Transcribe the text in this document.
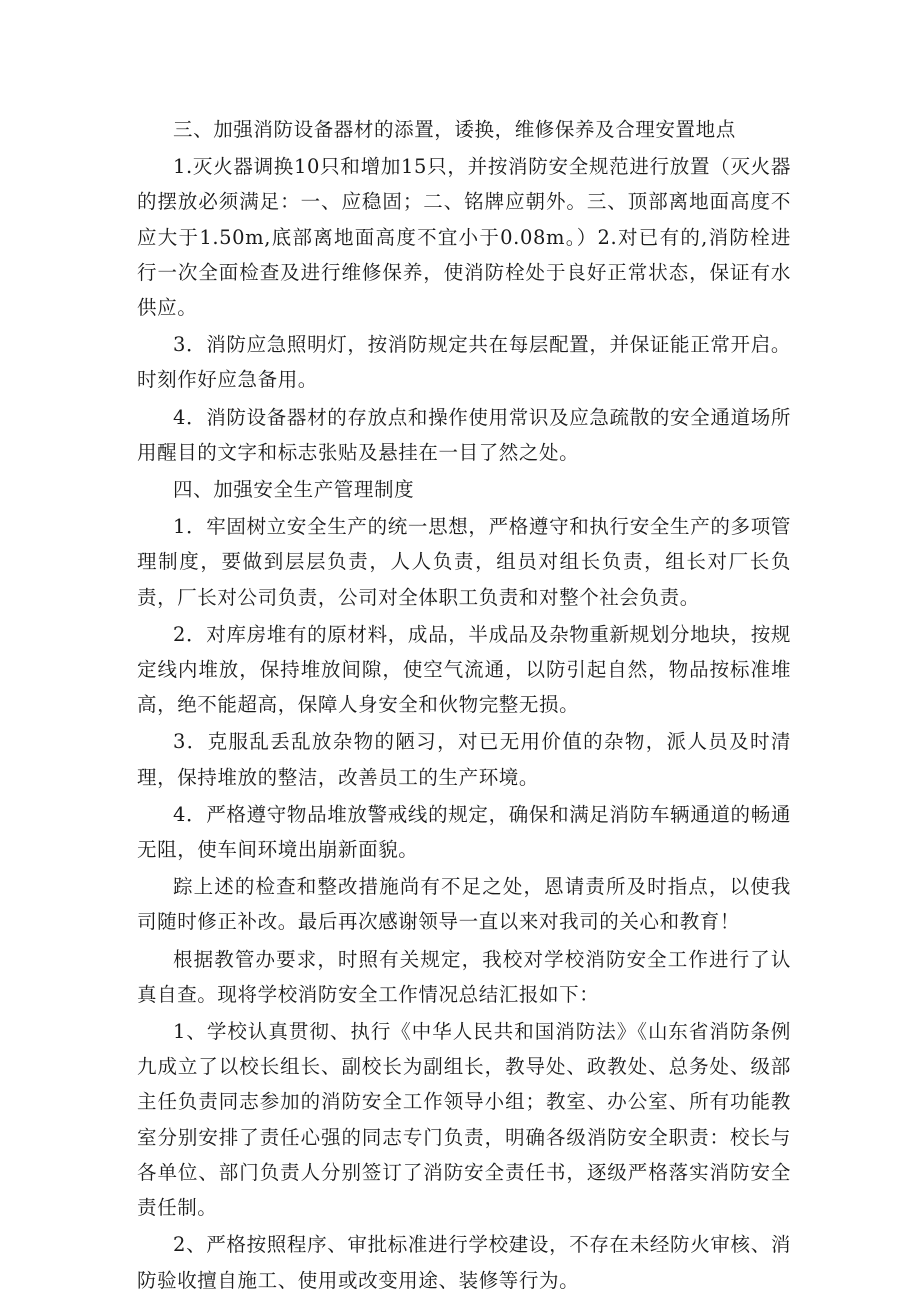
三、加强消防设备器材的添置，诿换，维修保养及合理安置地点

1.灭火器调换10只和增加15只，并按消防安全规范进行放置（灭火器的摆放必须满足：一、应稳固；二、铭牌应朝外。三、顶部离地面高度不应大于1.50m,底部离地面高度不宜小于0.08m。）2.对已有的,消防栓进行一次全面检查及进行维修保养，使消防栓处于良好正常状态，保证有水供应。

3．消防应急照明灯，按消防规定共在每层配置，并保证能正常开启。时刻作好应急备用。

4．消防设备器材的存放点和操作使用常识及应急疏散的安全通道场所用醒目的文字和标志张贴及悬挂在一目了然之处。

四、加强安全生产管理制度

1．牢固树立安全生产的统一思想，严格遵守和执行安全生产的多项管理制度，要做到层层负责，人人负责，组员对组长负责，组长对厂长负责，厂长对公司负责，公司对全体职工负责和对整个社会负责。

2．对库房堆有的原材料，成品，半成品及杂物重新规划分地块，按规定线内堆放，保持堆放间隙，使空气流通，以防引起自然，物品按标准堆高，绝不能超高，保障人身安全和伙物完整无损。

3．克服乱丢乱放杂物的陋习，对已无用价值的杂物，派人员及时清理，保持堆放的整洁，改善员工的生产环境。

4．严格遵守物品堆放警戒线的规定，确保和满足消防车辆通道的畅通无阻，使车间环境出崩新面貌。

踪上述的检查和整改措施尚有不足之处，恩请责所及时指点，以使我司随时修正补改。最后再次感谢领导一直以来对我司的关心和教育！

根据教管办要求，时照有关规定，我校对学校消防安全工作进行了认真自查。现将学校消防安全工作情况总结汇报如下：

1、学校认真贯彻、执行《中华人民共和国消防法》《山东省消防条例九成立了以校长组长、副校长为副组长，教导处、政教处、总务处、级部主任负责同志参加的消防安全工作领导小组；教室、办公室、所有功能教室分别安排了责任心强的同志专门负责，明确各级消防安全职责：校长与各单位、部门负责人分别签订了消防安全责任书，逐级严格落实消防安全责任制。

2、严格按照程序、审批标准进行学校建设，不存在未经防火审核、消防验收擅自施工、使用或改变用途、装修等行为。
